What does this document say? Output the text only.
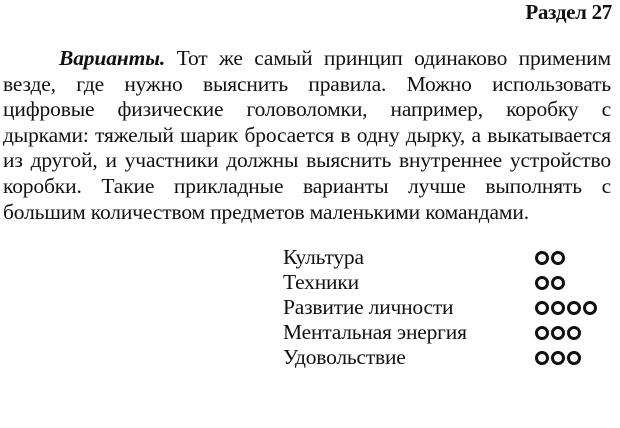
Раздел 27

Варианты. Тот же самый принцип одинаково применим везде, где нужно выяснить правила. Можно использовать цифровые физические головоломки, например, коробку с дырками: тяжелый шарик бросается в одну дырку, а выкатывается из другой, и участники должны выяснить внутреннее устройство коробки. Такие прикладные варианты лучше выполнять с большим количеством предметов маленькими командами.

Культура
Техники
Развитие личности
Ментальная энергия
Удовольствие
